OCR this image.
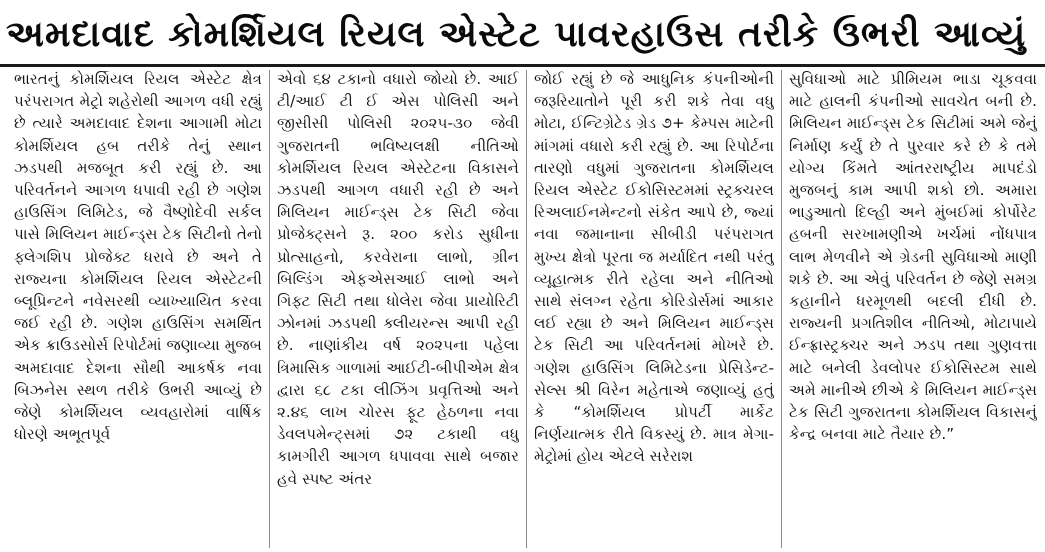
અમદાવાદ કોમર્શિયલ રિયલ એસ્ટેટ પાવરહાઉસ તરીકે ઉભરી આવ્યું

ભારતનું કોમર્શિયલ રિયલ એસ્ટેટ ક્ષેત્ર પરંપરાગત મેટ્રો શહેરોથી આગળ વધી રહ્યું છે ત્યારે અમદાવાદ દેશના આગામી મોટા કોમર્શિયલ હબ તરીકે તેનું સ્થાન ઝડપથી મજબૂત કરી રહ્યું છે. આ પરિવર્તનને આગળ ધપાવી રહી છે ગણેશ હાઉસિંગ લિમિટેડ, જે વૈષ્ણોદેવી સર્કલ પાસે મિલિયન માઈન્ડ્સ ટેક સિટીનો તેનો ફ્લેગશિપ પ્રોજેક્ટ ધરાવે છે અને તે રાજ્યના કોમર્શિયલ રિયલ એસ્ટેટની બ્લૂપ્રિન્ટને નવેસરથી વ્યાખ્યાયિત કરવા જઈ રહી છે. ગણેશ હાઉસિંગ સમર્થિત એક ક્રાઉડસોર્સ રિપોર્ટમાં જણાવ્યા મુજબ અમદાવાદ દેશના સૌથી આકર્ષક નવા બિઝનેસ સ્થળ તરીકે ઉભરી આવ્યું છે જેણે કોમર્શિયલ વ્યવહારોમાં વાર્ષિક ધોરણે અભૂતપૂર્વ

એવો ૬૪ ટકાનો વધારો જોયો છે. આઈ ટી/આઈ ટી ઈ એસ પોલિસી અને જીસીસી પોલિસી ૨૦૨૫-૩૦ જેવી ગુજરાતની ભવિષ્યલક્ષી નીતિઓ કોમર્શિયલ રિયલ એસ્ટેટના વિકાસને ઝડપથી આગળ વધારી રહી છે અને મિલિયન માઈન્ડ્સ ટેક સિટી જેવા પ્રોજેક્ટ્સને રૂ. ૨૦૦ કરોડ સુધીના પ્રોત્સાહનો, કરવેરાના લાભો, ગ્રીન બિલ્ડિંગ એફએસઆઈ લાભો અને ગિફ્ટ સિટી તથા ધોલેરા જેવા પ્રાયોરિટી ઝોનમાં ઝડપથી ક્લીયરન્સ આપી રહી છે. નાણાંકીય વર્ષ ૨૦૨૫ના પહેલા ત્રિમાસિક ગાળામાં આઈટી-બીપીએમ ક્ષેત્ર દ્વારા ૬૮ ટકા લીઝિંગ પ્રવૃત્તિઓ અને ૨.૪૬ લાખ ચોરસ ફૂટ હેઠળના નવા ડેવલપમેન્ટ્સમાં ૭૨ ટકાથી વધુ કામગીરી આગળ ધપાવવા સાથે બજાર હવે સ્પષ્ટ અંતર

જોઈ રહ્યું છે જે આધુનિક કંપનીઓની જરૂરિયાતોને પૂરી કરી શકે તેવા વધુ મોટા, ઈન્ટિગ્રેટેડ ગ્રેડ ૭+ કેમ્પસ માટેની માંગમાં વધારો કરી રહ્યું છે. આ રિપોર્ટના તારણો વધુમાં ગુજરાતના કોમર્શિયલ રિયલ એસ્ટેટ ઈકોસિસ્ટમમાં સ્ટ્રક્ચરલ રિઅલાઈનમેન્ટનો સંકેત આપે છે, જ્યાં નવા જમાનાના સીબીડી પરંપરાગત મુખ્ય ક્ષેત્રો પૂરતા જ મર્યાદિત નથી પરંતુ વ્યૂહાત્મક રીતે રહેલા અને નીતિઓ સાથે સંલગ્ન રહેતા કોરિડોર્સમાં આકાર લઈ રહ્યા છે અને મિલિયન માઈન્ડ્સ ટેક સિટી આ પરિવર્તનમાં મોખરે છે. ગણેશ હાઉસિંગ લિમિટેડના પ્રેસિડેન્ટ-સેલ્સ શ્રી વિરેન મહેતાએ જણાવ્યું હતું કે “કોમર્શિયલ પ્રોપર્ટી માર્કેટ નિર્ણયાત્મક રીતે વિકસ્યું છે. માત્ર મેગા-મેટ્રોમાં હોય એટલે સરેરાશ

સુવિધાઓ માટે પ્રીમિયમ ભાડા ચૂકવવા માટે હાલની કંપનીઓ સાવચેત બની છે. મિલિયન માઈન્ડ્સ ટેક સિટીમાં અમે જેનું નિર્માણ કર્યું છે તે પુરવાર કરે છે કે તમે યોગ્ય કિંમતે આંતરરાષ્ટ્રીય માપદંડો મુજબનું કામ આપી શકો છો. અમારા ભાડુઆતો દિલ્હી અને મુંબઈમાં કોર્પોરેટ હબની સરખામણીએ ખર્ચમાં નોંધપાત્ર લાભ મેળવીને એ ગ્રેડની સુવિધાઓ માણી શકે છે. આ એવું પરિવર્તન છે જેણે સમગ્ર કહાનીને ધરમૂળથી બદલી દીધી છે. રાજ્યની પ્રગતિશીલ નીતિઓ, મોટાપાયે ઈન્ફ્રાસ્ટ્રક્ચર અને ઝડપ તથા ગુણવત્તા માટે બનેલી ડેવલોપર ઈકોસિસ્ટમ સાથે અમે માનીએ છીએ કે મિલિયન માઈન્ડ્સ ટેક સિટી ગુજરાતના કોમર્શિયલ વિકાસનું કેન્દ્ર બનવા માટે તૈયાર છે.”
